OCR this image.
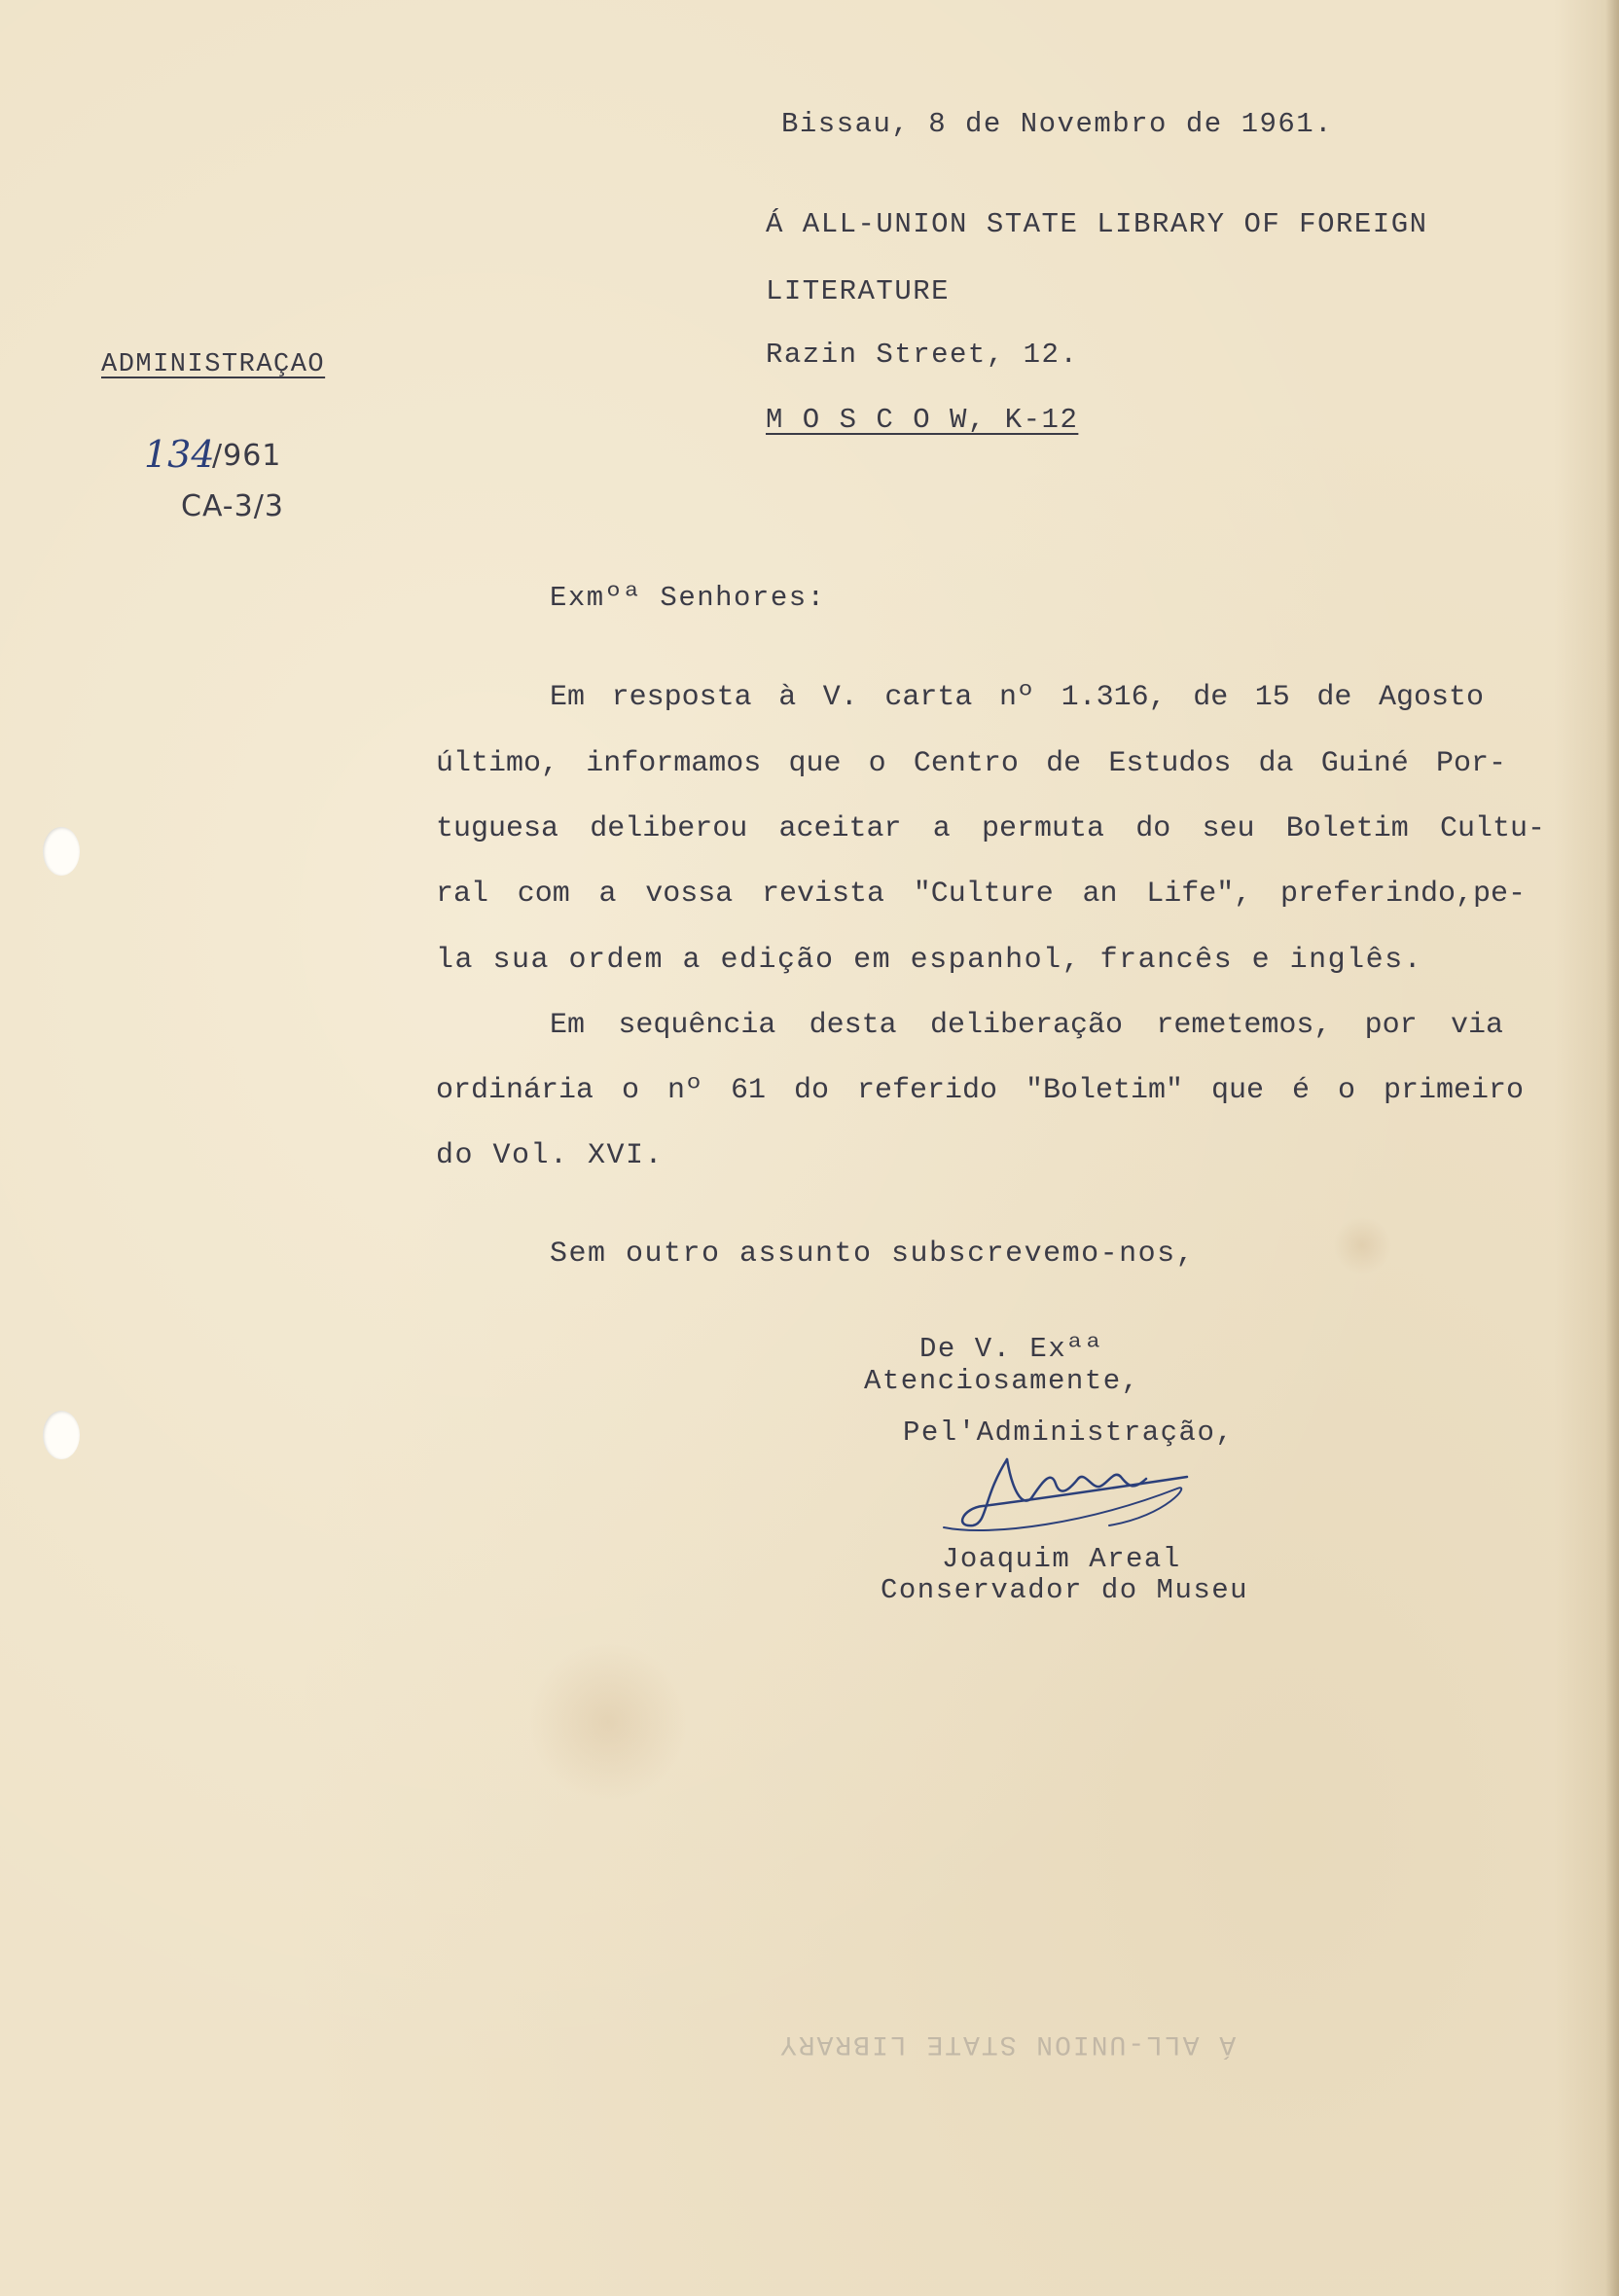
Bissau, 8 de Novembro de 1961.
Á ALL-UNION STATE LIBRARY OF FOREIGN
LITERATURE
Razin Street, 12.
M O S C O W, K-12
ADMINISTRAÇAO
134
/961
CA-3/3
Exmºª Senhores:
Em resposta à V. carta nº 1.316, de 15 de Agosto
último, informamos que o Centro de Estudos da Guiné Por-
tuguesa deliberou aceitar a permuta do seu Boletim Cultu-
ral com a vossa revista "Culture an Life", preferindo,pe-
la sua ordem a edição em espanhol, francês e inglês.
Em sequência desta deliberação remetemos, por via
ordinária o nº 61 do referido "Boletim" que é o primeiro
do Vol. XVI.
Sem outro assunto subscrevemo-nos,
De V. Exªª
Atenciosamente,
Pel'Administração,
Joaquim Areal
Conservador do Museu
Á ALL-UNION STATE LIBRARY
